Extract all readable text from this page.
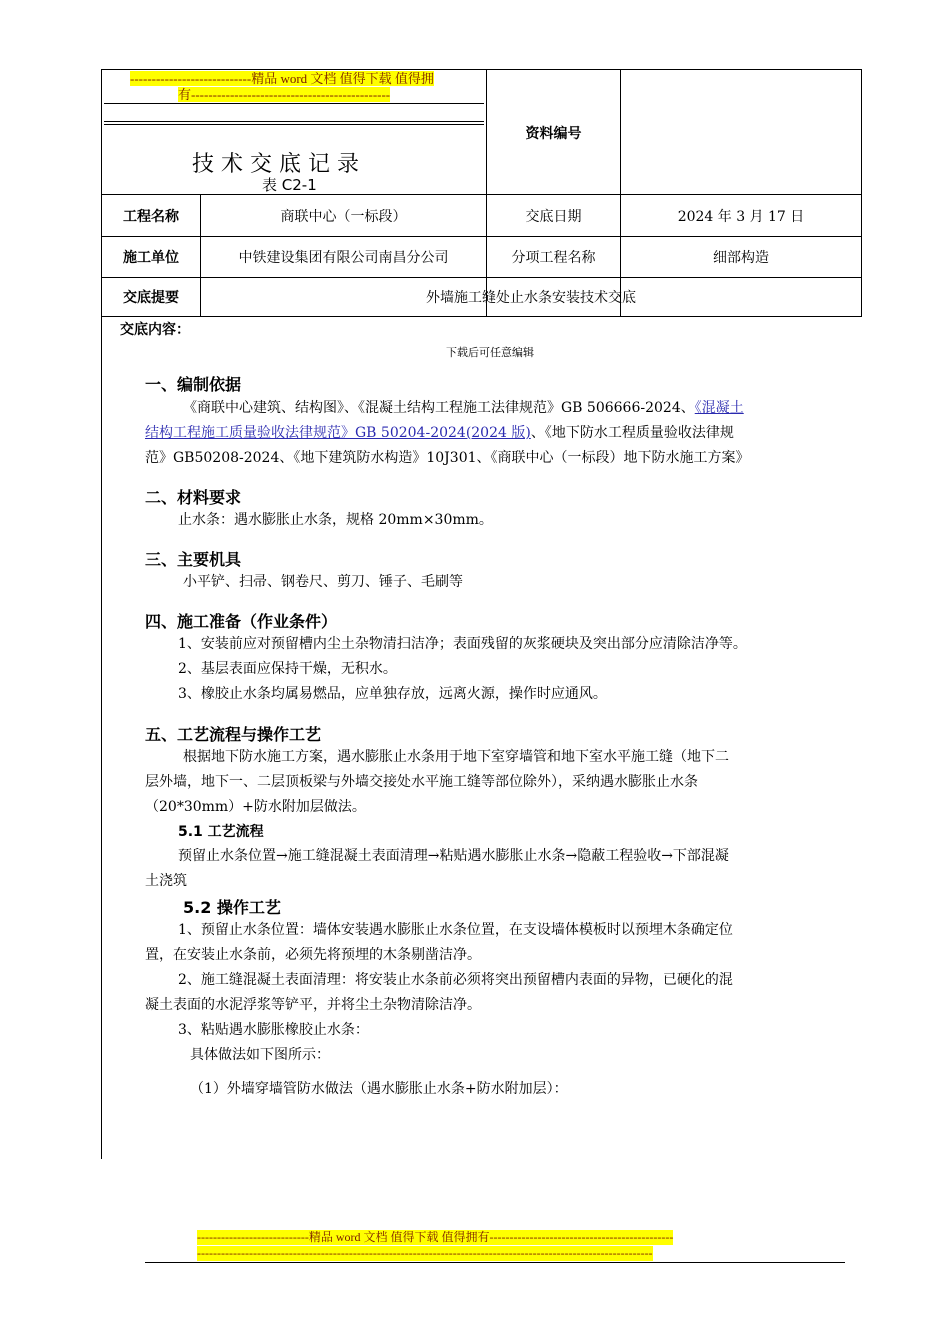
----------------------------精品 word 文档 值得下载 值得拥
有----------------------------------------------
技 术 交 底 记 录
表 C2-1
资料编号
工程名称	商联中心（一标段）	交底日期	2024 年 3 月 17 日
施工单位	中铁建设集团有限公司南昌分公司	分项工程名称	细部构造
交底提要	外墙施工缝处止水条安装技术交底
交底内容：
下载后可任意编辑
一、编制依据
《商联中心建筑、结构图》、《混凝土结构工程施工法律规范》GB 506666-2024、《混凝土
结构工程施工质量验收法律规范》GB 50204-2024(2024 版)、《地下防水工程质量验收法律规
范》GB50208-2024、《地下建筑防水构造》10J301、《商联中心（一标段）地下防水施工方案》
二、材料要求
止水条：遇水膨胀止水条，规格 20mm×30mm。
三、主要机具
小平铲、扫帚、钢卷尺、剪刀、锤子、毛刷等
四、施工准备（作业条件）
1、安装前应对预留槽内尘土杂物清扫洁净；表面残留的灰浆硬块及突出部分应清除洁净等。
2、基层表面应保持干燥，无积水。
3、橡胶止水条均属易燃品，应单独存放，远离火源，操作时应通风。
五、工艺流程与操作工艺
根据地下防水施工方案，遇水膨胀止水条用于地下室穿墙管和地下室水平施工缝（地下二
层外墙，地下一、二层顶板梁与外墙交接处水平施工缝等部位除外），采纳遇水膨胀止水条
（20*30mm）+防水附加层做法。
5.1 工艺流程
预留止水条位置→施工缝混凝土表面清理→粘贴遇水膨胀止水条→隐蔽工程验收→下部混凝
土浇筑
5.2 操作工艺
1、预留止水条位置：墙体安装遇水膨胀止水条位置，在支设墙体模板时以预埋木条确定位
置，在安装止水条前，必须先将预埋的木条剔凿洁净。
2、施工缝混凝土表面清理：将安装止水条前必须将突出预留槽内表面的异物，已硬化的混
凝土表面的水泥浮浆等铲平，并将尘土杂物清除洁净。
3、粘贴遇水膨胀橡胶止水条：
具体做法如下图所示：
（1）外墙穿墙管防水做法（遇水膨胀止水条+防水附加层）：
----------------------------精品 word 文档 值得下载 值得拥有----------------------------------------------
------------------------------------------------------------------------------------------------------------------
